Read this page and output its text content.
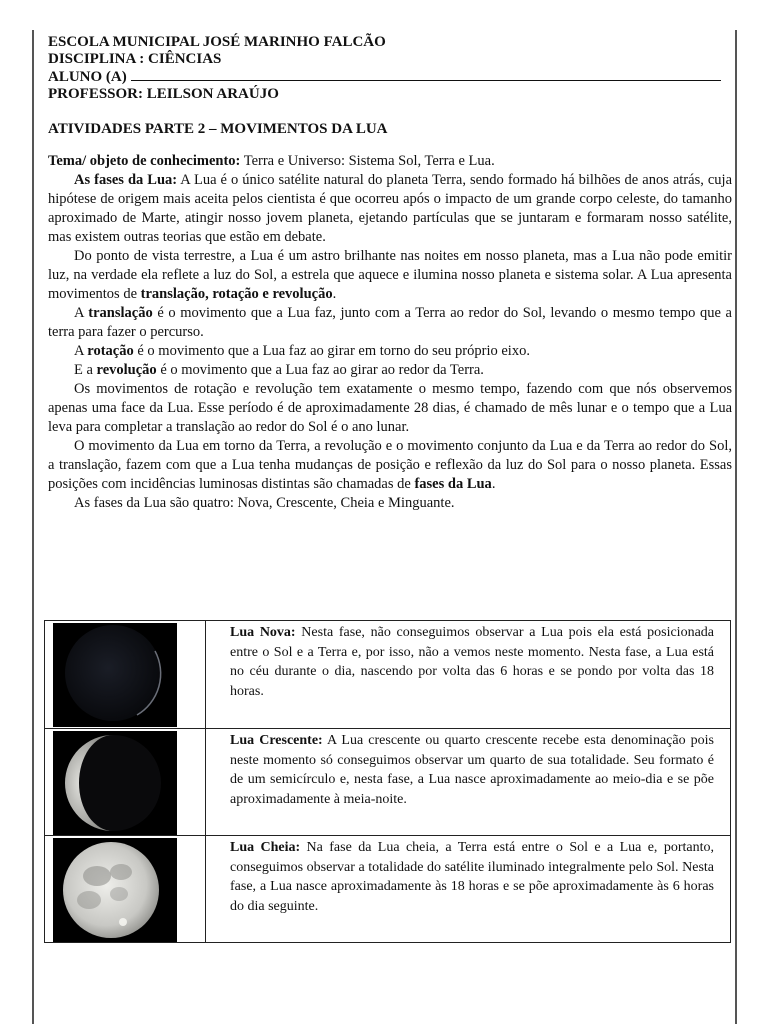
ESCOLA MUNICIPAL JOSÉ MARINHO FALCÃO

DISCIPLINA : CIÊNCIAS

ALUNO (A)

PROFESSOR: LEILSON ARAÚJO

ATIVIDADES PARTE 2 – MOVIMENTOS DA LUA

Tema/ objeto de conhecimento: Terra e Universo: Sistema Sol, Terra e Lua.

As fases da Lua: A Lua é o único satélite natural do planeta Terra, sendo formado há bilhões de anos atrás, cuja hipótese de origem mais aceita pelos cientista é que ocorreu após o impacto de um grande corpo celeste, do tamanho aproximado de Marte, atingir nosso jovem planeta, ejetando partículas que se juntaram e formaram nosso satélite, mas existem outras teorias que estão em debate.

Do ponto de vista terrestre, a Lua é um astro brilhante nas noites em nosso planeta, mas a Lua não pode emitir luz, na verdade ela reflete a luz do Sol, a estrela que aquece e ilumina nosso planeta e sistema solar. A Lua apresenta movimentos de translação, rotação e revolução.

A translação é o movimento que a Lua faz, junto com a Terra ao redor do Sol, levando o mesmo tempo que a terra para fazer o percurso.

A rotação é o movimento que a Lua faz ao girar em torno do seu próprio eixo.

E a revolução é o movimento que a Lua faz ao girar ao redor da Terra.

Os movimentos de rotação e revolução tem exatamente o mesmo tempo, fazendo com que nós observemos apenas uma face da Lua. Esse período é de aproximadamente 28 dias, é chamado de mês lunar e o tempo que a Lua leva para completar a translação ao redor do Sol é o ano lunar.

O movimento da Lua em torno da Terra, a revolução e o movimento conjunto da Lua e da Terra ao redor do Sol, a translação, fazem com que a Lua tenha mudanças de posição e reflexão da luz do Sol para o nosso planeta. Essas posições com incidências luminosas distintas são chamadas de fases da Lua.

As fases da Lua são quatro: Nova, Crescente, Cheia e Minguante.

	Lua Nova: Nesta fase, não conseguimos observar a Lua pois ela está posicionada entre o Sol e a Terra e, por isso, não a vemos neste momento. Nesta fase, a Lua está no céu durante o dia, nascendo por volta das 6 horas e se pondo por volta das 18 horas.

	Lua Crescente: A Lua crescente ou quarto crescente recebe esta denominação pois neste momento só conseguimos observar um quarto de sua totalidade. Seu formato é de um semicírculo e, nesta fase, a Lua nasce aproximadamente ao meio-dia e se põe aproximadamente à meia-noite.

	Lua Cheia: Na fase da Lua cheia, a Terra está entre o Sol e a Lua e, portanto, conseguimos observar a totalidade do satélite iluminado integralmente pelo Sol. Nesta fase, a Lua nasce aproximadamente às 18 horas e se põe aproximadamente às 6 horas do dia seguinte.
